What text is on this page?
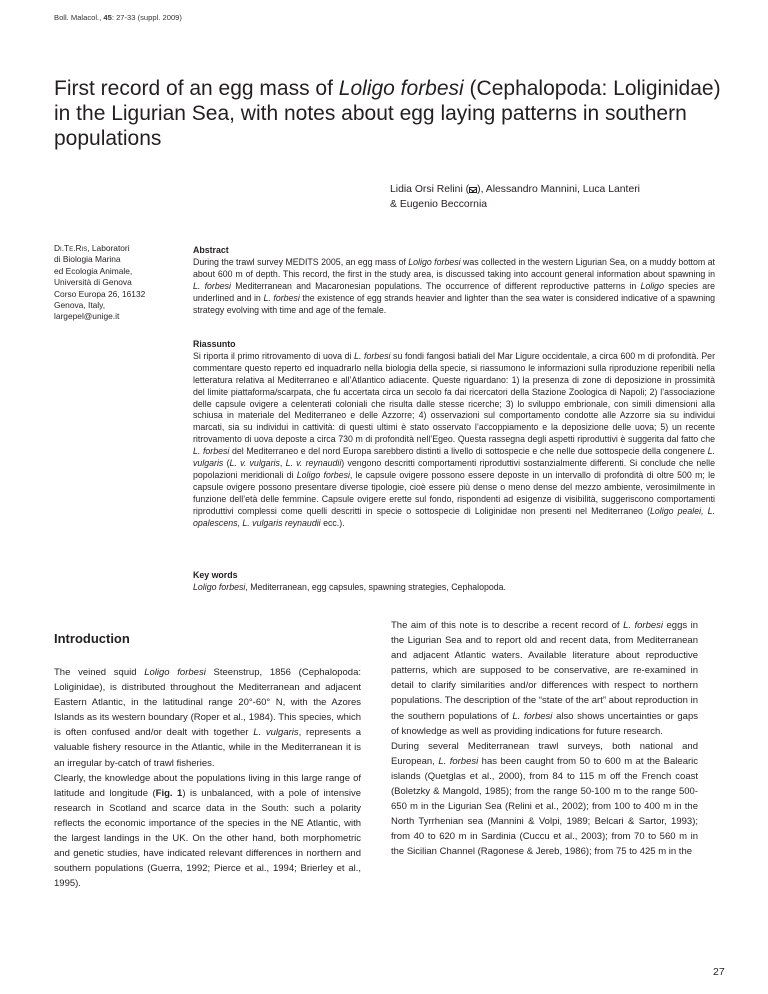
Boll. Malacol., 45: 27-33 (suppl. 2009)
First record of an egg mass of Loligo forbesi (Cephalopoda: Loliginidae) in the Ligurian Sea, with notes about egg laying patterns in southern populations
Lidia Orsi Relini ( ), Alessandro Mannini, Luca Lanteri
& Eugenio Beccornia
Di.Te.Ris, Laboratori
di Biologia Marina
ed Ecologia Animale,
Università di Genova
Corso Europa 26, 16132
Genova, Italy,
largepel@unige.it
Abstract

During the trawl survey MEDITS 2005, an egg mass of Loligo forbesi was collected in the western Ligurian Sea, on a muddy bottom at about 600 m of depth. This record, the first in the study area, is discussed taking into account general information about spawning in L. forbesi Mediterranean and Macaronesian populations. The occurrence of different reproductive patterns in Loligo species are underlined and in L. forbesi the existence of egg strands heavier and lighter than the sea water is considered indicative of a spawning strategy evolving with time and age of the female.

Riassunto

Si riporta il primo ritrovamento di uova di L. forbesi su fondi fangosi batiali del Mar Ligure occidentale, a circa 600 m di profondità. Per commentare questo reperto ed inquadrarlo nella biologia della specie, si riassumono le informazioni sulla riproduzione reperibili nella letteratura relativa al Mediterraneo e all’Atlantico adiacente. Queste riguardano: 1) la presenza di zone di deposizione in prossimità del limite piattaforma/scarpata, che fu accertata circa un secolo fa dai ricercatori della Stazione Zoologica di Napoli; 2) l’associazione delle capsule ovigere a celenterati coloniali che risulta dalle stesse ricerche; 3) lo sviluppo embrionale, con simili dimensioni alla schiusa in materiale del Mediterraneo e delle Azzorre; 4) osservazioni sul comportamento condotte alle Azzorre sia su individui marcati, sia su individui in cattività: di questi ultimi è stato osservato l’accoppiamento e la deposizione delle uova; 5) un recente ritrovamento di uova deposte a circa 730 m di profondità nell’Egeo. Questa rassegna degli aspetti riproduttivi è suggerita dal fatto che L. forbesi del Mediterraneo e del nord Europa sarebbero distinti a livello di sottospecie e che nelle due sottospecie della congenere L. vulgaris (L. v. vulgaris, L. v. reynaudii) vengono descritti comportamenti riproduttivi sostanzialmente differenti. Si conclude che nelle popolazioni meridionali di Loligo forbesi, le capsule ovigere possono essere deposte in un intervallo di profondità di oltre 500 m; le capsule ovigere possono presentare diverse tipologie, cioè essere più dense o meno dense del mezzo ambiente, verosimilmente in funzione dell’età delle femmine. Capsule ovigere erette sul fondo, rispondenti ad esigenze di visibilità, suggeriscono comportamenti riproduttivi complessi come quelli descritti in specie o sottospecie di Loliginidae non presenti nel Mediterraneo (Loligo pealei, L. opalescens, L. vulgaris reynaudii ecc.).

Key words

Loligo forbesi, Mediterranean, egg capsules, spawning strategies, Cephalopoda.

Introduction

The veined squid Loligo forbesi Steenstrup, 1856 (Cephalopoda: Loliginidae), is distributed throughout the Mediterranean and adjacent Eastern Atlantic, in the latitudinal range 20°-60° N, with the Azores Islands as its western boundary (Roper et al., 1984). This species, which is often confused and/or dealt with together L. vulgaris, represents a valuable fishery resource in the Atlantic, while in the Mediterranean it is an irregular by-catch of trawl fisheries.

Clearly, the knowledge about the populations living in this large range of latitude and longitude (Fig. 1) is unbalanced, with a pole of intensive research in Scotland and scarce data in the South: such a polarity reflects the economic importance of the species in the NE Atlantic, with the largest landings in the UK. On the other hand, both morphometric and genetic studies, have indicated relevant differences in northern and southern populations (Guerra, 1992; Pierce et al., 1994; Brierley et al., 1995).

The aim of this note is to describe a recent record of L. forbesi eggs in the Ligurian Sea and to report old and recent data, from Mediterranean and adjacent Atlantic waters. Available literature about reproductive patterns, which are supposed to be conservative, are re-examined in detail to clarify similarities and/or differences with respect to northern populations. The description of the “state of the art” about reproduction in the southern populations of L. forbesi also shows uncertainties or gaps of knowledge as well as providing indications for future research.

During several Mediterranean trawl surveys, both national and European, L. forbesi has been caught from 50 to 600 m at the Balearic islands (Quetglas et al., 2000), from 84 to 115 m off the French coast (Boletzky & Mangold, 1985); from the range 50-100 m to the range 500-650 m in the Ligurian Sea (Relini et al., 2002); from 100 to 400 m in the North Tyrrhenian sea (Mannini & Volpi, 1989; Belcari & Sartor, 1993); from 40 to 620 m in Sardinia (Cuccu et al., 2003); from 70 to 560 m in the Sicilian Channel (Ragonese & Jereb, 1986); from 75 to 425 m in the

27
